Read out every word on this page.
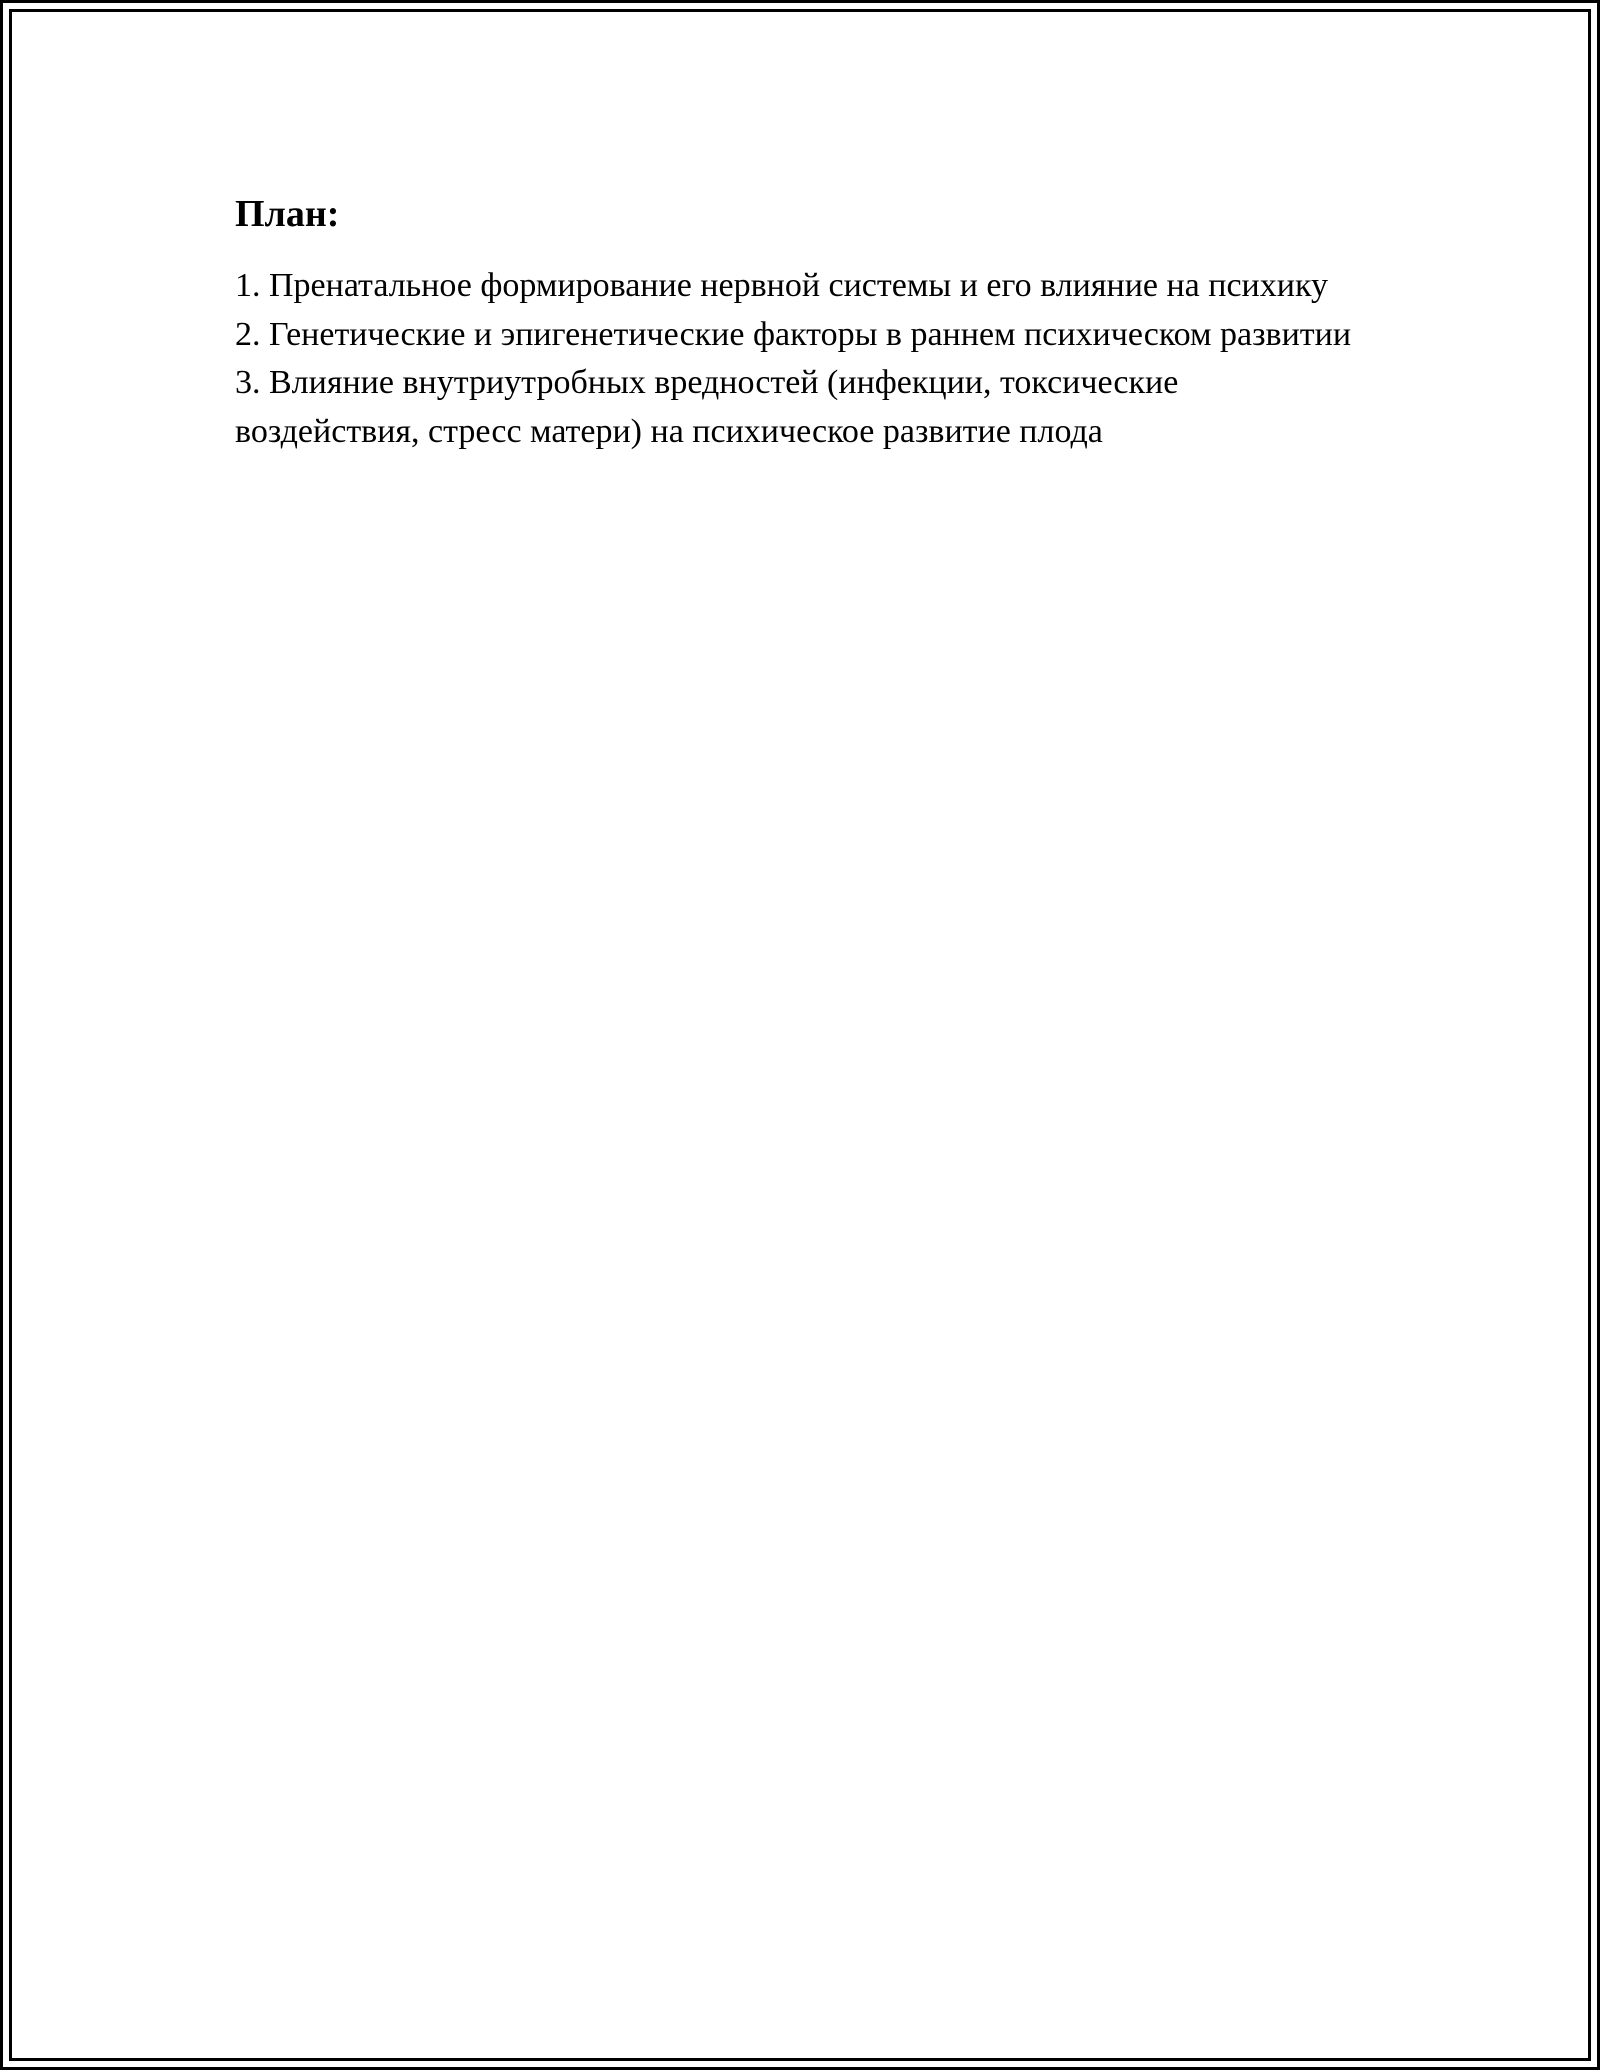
План:
1. Пренатальное формирование нервной системы и его влияние на психику
2. Генетические и эпигенетические факторы в раннем психическом развитии
3. Влияние внутриутробных вредностей (инфекции, токсические воздействия, стресс матери) на психическое развитие плода
